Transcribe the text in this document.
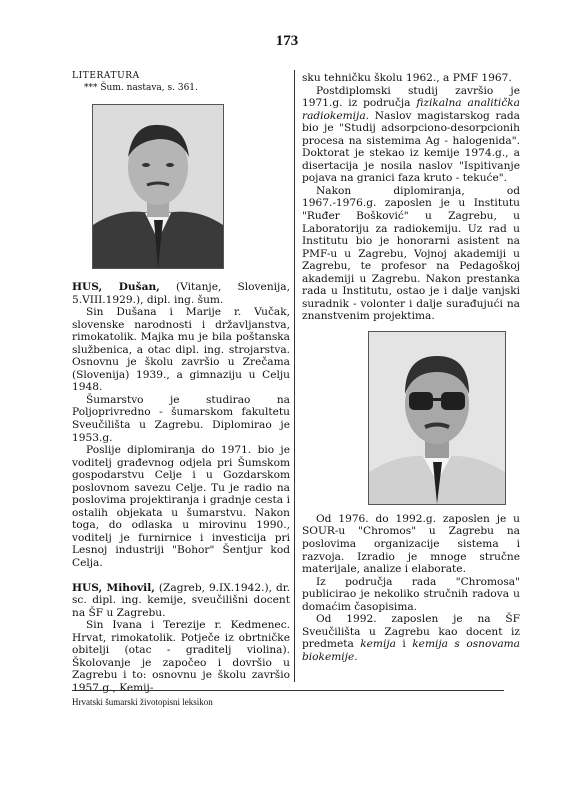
173

LITERATURA

*** Šum. nastava, s. 361.

HUS, Dušan, (Vitanje, Slovenija, 5.VIII.1929.), dipl. ing. šum.

Sin Dušana i Marije r. Vučak, slovenske narodnosti i državljanstva, rimokatolik. Majka mu je bila poštanska službenica, a otac dipl. ing. strojarstva. Osnovnu je školu završio u Zrečama (Slovenija) 1939., a gimnaziju u Celju 1948.

Šumarstvo je studirao na Poljoprivredno - šumarskom fakultetu Sveučilišta u Zagrebu. Diplomirao je 1953.g.

Poslije diplomiranja do 1971. bio je voditelj građevnog odjela pri Šumskom gospodarstvu Celje i u Gozdarskom poslovnom savezu Celje. Tu je radio na poslovima projektiranja i gradnje cesta i ostalih objekata u šumarstvu. Nakon toga, do odlaska u mirovinu 1990., voditelj je furnirnice i investicija pri Lesnoj industriji "Bohor" Šentjur kod Celja.

HUS, Mihovil, (Zagreb, 9.IX.1942.), dr. sc. dipl. ing. kemije, sveučilišni docent na ŠF u Zagrebu.

Sin Ivana i Terezije r. Kedmenec. Hrvat, rimokatolik. Potječe iz obrtničke obitelji (otac - graditelj violina). Školovanje je započeo i dovršio u Zagrebu i to: osnovnu je školu završio 1957.g., Kemij-

sku tehničku školu 1962., a PMF 1967.

Postdiplomski studij završio je 1971.g. iz područja fizikalna analitička radiokemija. Naslov magistarskog rada bio je "Studij adsorpciono-desorpcionih procesa na sistemima Ag - halogenida". Doktorat je stekao iz kemije 1974.g., a disertacija je nosila naslov "Ispitivanje pojava na granici faza kruto - tekuće".

Nakon diplomiranja, od 1967.-1976.g. zaposlen je u Institutu "Ruđer Bošković" u Zagrebu, u Laboratoriju za radiokemiju. Uz rad u Institutu bio je honorarni asistent na PMF-u u Zagrebu, Vojnoj akademiji u Zagrebu, te profesor na Pedagoškoj akademiji u Zagrebu. Nakon prestanka rada u Institutu, ostao je i dalje vanjski suradnik - volonter i dalje surađujući na znanstvenim projektima.

Od 1976. do 1992.g. zaposlen je u SOUR-u "Chromos" u Zagrebu na poslovima organizacije sistema i razvoja. Izradio je mnoge stručne materijale, analize i elaborate.

Iz područja rada "Chromosa" publicirao je nekoliko stručnih radova u domaćim časopisima.

Od 1992. zaposlen je na ŠF Sveučilišta u Zagrebu kao docent iz predmeta kemija i kemija s osnovama biokemije.

Hrvatski šumarski životopisni leksikon
